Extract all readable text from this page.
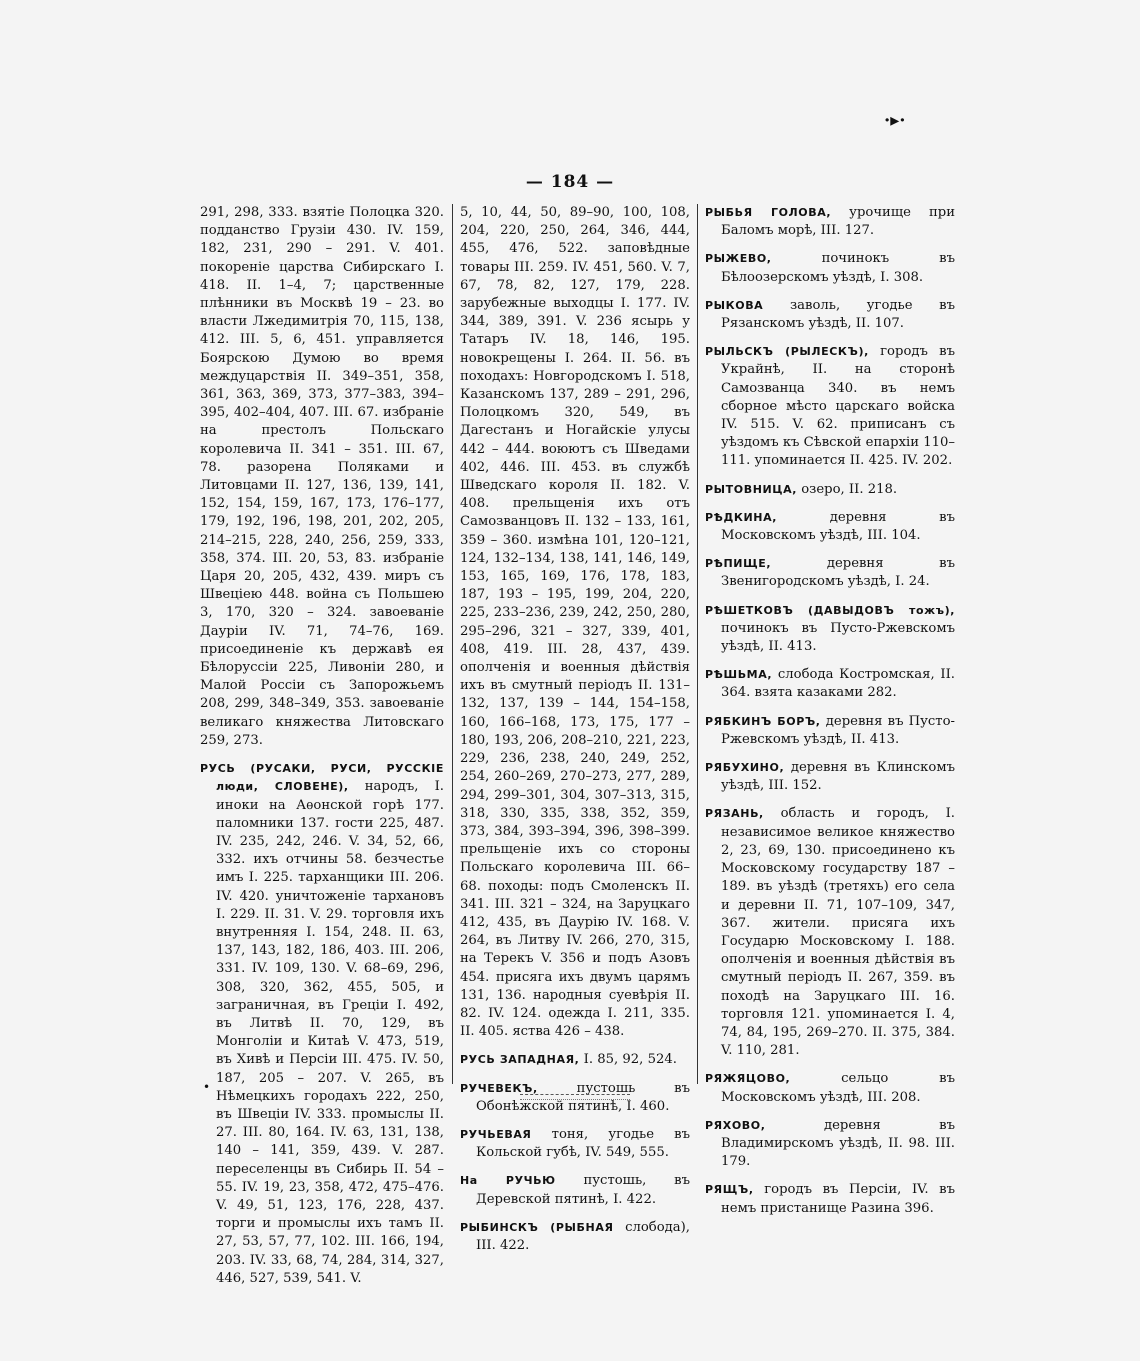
·▸·
— 184 —

291, 298, 333. взятіе Полоцка 320. подданство Грузіи 430. IV. 159, 182, 231, 290 – 291. V. 401. покореніе царства Сибирскаго I. 418. II. 1–4, 7; царственные плѣнники въ Москвѣ 19 – 23. во власти Лжедимитрія 70, 115, 138, 412. III. 5, 6, 451. управляется Боярскою Думою во время междуцарствія II. 349–351, 358, 361, 363, 369, 373, 377–383, 394–395, 402–404, 407. III. 67. избраніе на престолъ Польскаго королевича II. 341 – 351. III. 67, 78. разорена Поляками и Литовцами II. 127, 136, 139, 141, 152, 154, 159, 167, 173, 176–177, 179, 192, 196, 198, 201, 202, 205, 214–215, 228, 240, 256, 259, 333, 358, 374. III. 20, 53, 83. избраніе Царя 20, 205, 432, 439. миръ съ Швеціею 448. война съ Польшею 3, 170, 320 – 324. завоеваніе Дауріи IV. 71, 74–76, 169. присоединеніе къ державѣ ея Бѣлоруссіи 225, Ливоніи 280, и Малой Россіи съ Запорожьемъ 208, 299, 348–349, 353. завоеваніе великаго княжества Литовскаго 259, 273.

РУСЬ (РУСАКИ, РУСИ, РУССКІЕ люди, СЛОВЕНЕ), народъ, I. иноки на Аѳонской горѣ 177. паломники 137. гости 225, 487. IV. 235, 242, 246. V. 34, 52, 66, 332. ихъ отчины 58. безчестье имъ I. 225. тарханщики III. 206. IV. 420. уничтоженіе тархановъ I. 229. II. 31. V. 29. торговля ихъ внутренняя I. 154, 248. II. 63, 137, 143, 182, 186, 403. III. 206, 331. IV. 109, 130. V. 68–69, 296, 308, 320, 362, 455, 505, и заграничная, въ Греціи I. 492, въ Литвѣ II. 70, 129, въ Монголіи и Китаѣ V. 473, 519, въ Хивѣ и Персіи III. 475. IV. 50, 187, 205 – 207. V. 265, въ Нѣмецкихъ городахъ 222, 250, въ Швеціи IV. 333. промыслы II. 27. III. 80, 164. IV. 63, 131, 138, 140 – 141, 359, 439. V. 287. переселенцы въ Сибирь II. 54 – 55. IV. 19, 23, 358, 472, 475–476. V. 49, 51, 123, 176, 228, 437. торги и промыслы ихъ тамъ II. 27, 53, 57, 77, 102. III. 166, 194, 203. IV. 33, 68, 74, 284, 314, 327, 446, 527, 539, 541. V.

5, 10, 44, 50, 89–90, 100, 108, 204, 220, 250, 264, 346, 444, 455, 476, 522. заповѣдные товары III. 259. IV. 451, 560. V. 7, 67, 78, 82, 127, 179, 228. зарубежные выходцы I. 177. IV. 344, 389, 391. V. 236 ясырь у Татаръ IV. 18, 146, 195. новокрещены I. 264. II. 56. въ походахъ: Новгородскомъ I. 518, Казанскомъ 137, 289 – 291, 296, Полоцкомъ 320, 549, въ Дагестанъ и Ногайскіе улусы 442 – 444. воюютъ съ Шведами 402, 446. III. 453. въ службѣ Шведскаго короля II. 182. V. 408. прельщенія ихъ отъ Самозванцовъ II. 132 – 133, 161, 359 – 360. измѣна 101, 120–121, 124, 132–134, 138, 141, 146, 149, 153, 165, 169, 176, 178, 183, 187, 193 – 195, 199, 204, 220, 225, 233–236, 239, 242, 250, 280, 295–296, 321 – 327, 339, 401, 408, 419. III. 28, 437, 439. ополченія и военныя дѣйствія ихъ въ смутный періодъ II. 131–132, 137, 139 – 144, 154–158, 160, 166–168, 173, 175, 177 – 180, 193, 206, 208–210, 221, 223, 229, 236, 238, 240, 249, 252, 254, 260–269, 270–273, 277, 289, 294, 299–301, 304, 307–313, 315, 318, 330, 335, 338, 352, 359, 373, 384, 393–394, 396, 398–399. прельщеніе ихъ со стороны Польскаго королевича III. 66–68. походы: подъ Смоленскъ II. 341. III. 321 – 324, на Заруцкаго 412, 435, въ Даурію IV. 168. V. 264, въ Литву IV. 266, 270, 315, на Терекъ V. 356 и подъ Азовъ 454. присяга ихъ двумъ царямъ 131, 136. народныя суевѣрія II. 82. IV. 124. одежда I. 211, 335. II. 405. яства 426 – 438.

РУСЬ ЗАПАДНАЯ, I. 85, 92, 524.

РУЧЕВЕКЪ, пустошь въ Обонѣжской пятинѣ, I. 460.

РУЧЬЕВАЯ тоня, угодье въ Кольской губѣ, IV. 549, 555.

На РУЧЬЮ пустошь, въ Деревской пятинѣ, I. 422.

РЫБИНСКЪ (РЫБНАЯ слобода), III. 422.

РЫБЬЯ ГОЛОВА, урочище при Баломъ морѣ, III. 127.

РЫЖЕВО, починокъ въ Бѣлоозерскомъ уѣздѣ, I. 308.

РЫКОВА заволь, угодье въ Рязанскомъ уѣздѣ, II. 107.

РЫЛЬСКЪ (РЫЛЕСКЪ), городъ въ Украйнѣ, II. на сторонѣ Самозванца 340. въ немъ сборное мѣсто царскаго войска IV. 515. V. 62. приписанъ съ уѣздомъ къ Сѣвской епархіи 110–111. упоминается II. 425. IV. 202.

РЫТОВНИЦА, озеро, II. 218.

РѢДКИНА, деревня въ Московскомъ уѣздѣ, III. 104.

РѢПИЩЕ, деревня въ Звенигородскомъ уѣздѣ, I. 24.

РѢШЕТКОВЪ (ДАВЫДОВЪ тожъ), починокъ въ Пусто-Ржевскомъ уѣздѣ, II. 413.

РѢШЬМА, слобода Костромская, II. 364. взята казаками 282.

РЯБКИНЪ БОРЪ, деревня въ Пусто-Ржевскомъ уѣздѣ, II. 413.

РЯБУХИНО, деревня въ Клинскомъ уѣздѣ, III. 152.

РЯЗАНЬ, область и городъ, I. независимое великое княжество 2, 23, 69, 130. присоединено къ Московскому государству 187 – 189. въ уѣздѣ (третяхъ) его села и деревни II. 71, 107–109, 347, 367. жители. присяга ихъ Государю Московскому I. 188. ополченія и военныя дѣйствія въ смутный періодъ II. 267, 359. въ походѣ на Заруцкаго III. 16. торговля 121. упоминается I. 4, 74, 84, 195, 269–270. II. 375, 384. V. 110, 281.

РЯЖЯЦОВО, сельцо въ Московскомъ уѣздѣ, III. 208.

РЯХОВО, деревня въ Владимирскомъ уѣздѣ, II. 98. III. 179.

РЯЩЪ, городъ въ Персіи, IV. въ немъ пристанище Разина 396.

•
